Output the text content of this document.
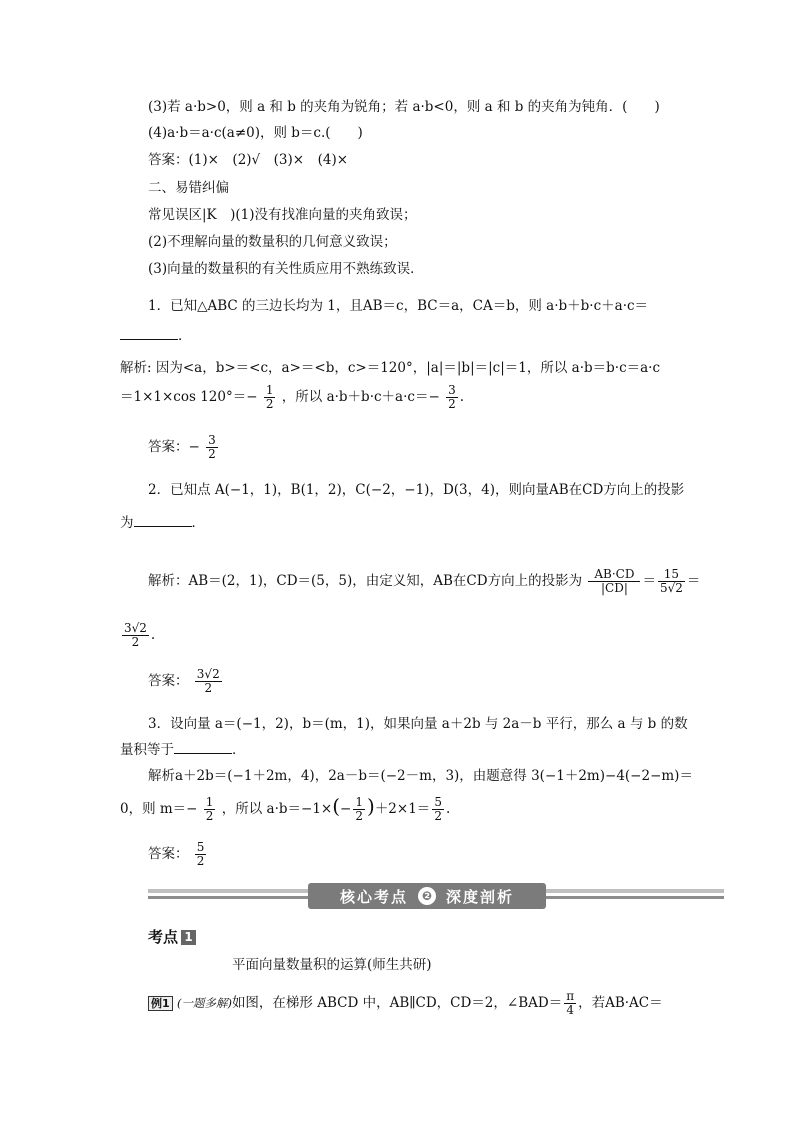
(3)若 a·b>0，则 a 和 b 的夹角为锐角；若 a·b<0，则 a 和 b 的夹角为钝角．(　　)
(4)a·b＝a·c(a≠0)，则 b＝c.(　　)
答案：(1)×　(2)√　(3)×　(4)×
二、易错纠偏
常见误区|K　)(1)没有找准向量的夹角致误；
(2)不理解向量的数量积的几何意义致误；
(3)向量的数量积的有关性质应用不熟练致误．
1．已知△ABC 的三边长均为 1，且AB＝c，BC＝a，CA＝b，则 a·b＋b·c＋a·c＝
．
解析: 因为<a，b>＝<c，a>＝<b，c>＝120°，|a|＝|b|＝|c|＝1，所以 a·b＝b·c＝a·c
＝1×1×cos $120^\circ=- \frac{1}{2}$ ，所以 $a\cdot b+b\cdot c+a\cdot c=- \frac{3}{2}$ .
答案：− $\frac{3}{2}$
2．已知点 A(−1，1)，B(1，2)，C(−2，−1)，D(3，4)，则向量AB在CD方向上的投影
为	．
解析：AB＝(2，1)，CD＝(5，5)，由定义知，AB在CD方向上的投影为 $\frac{AB\cdot CD}{|CD|} = \frac{15}{5√2}$ ＝
$\frac{3√2}{2}$ .
答案： $\frac{3√2}{2}$
3．设向量 a＝(−1，2)，b＝(m，1)，如果向量 a＋2b 与 2a－b 平行，那么 a 与 b 的数
量积等于	．
解析a＋2b＝(−1＋2m，4)，2a－b＝(−2－m，3)，由题意得 3(−1＋2m)−4(−2−m)＝
0，则 $m=- \frac{1}{2}$ ，所以 $a\cdot b=-1\times(- \frac{1}{2} )+2\times 1= \frac{5}{2}$ .
答案： $\frac{5}{2}$
核心考点	❷ 深度剖析
考点 1
平面向量数量积的运算(师生共研)
例1 (一题多解)如图，在梯形 ABCD 中，AB∥CD，CD＝2，∠BAD＝ $\frac{\pi}{4}$ ，若AB·AC＝
